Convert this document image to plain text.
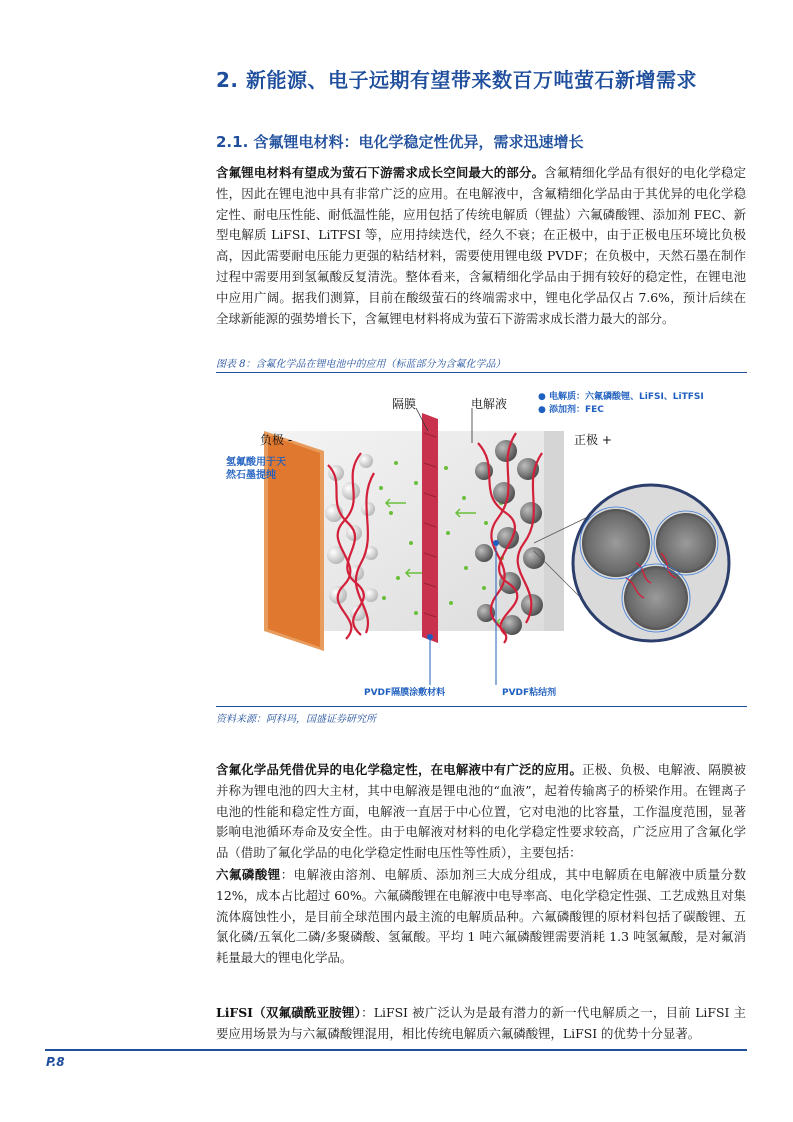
2. 新能源、电子远期有望带来数百万吨萤石新增需求
2.1. 含氟锂电材料：电化学稳定性优异，需求迅速增长
含氟锂电材料有望成为萤石下游需求成长空间最大的部分。含氟精细化学品有很好的电化学稳定性，因此在锂电池中具有非常广泛的应用。在电解液中，含氟精细化学品由于其优异的电化学稳定性、耐电压性能、耐低温性能，应用包括了传统电解质（锂盐）六氟磷酸锂、添加剂 FEC、新型电解质 LiFSI、LiTFSI 等，应用持续迭代，经久不衰；在正极中，由于正极电压环境比负极高，因此需要耐电压能力更强的粘结材料，需要使用锂电级 PVDF；在负极中，天然石墨在制作过程中需要用到氢氟酸反复清洗。整体看来，含氟精细化学品由于拥有较好的稳定性，在锂电池中应用广阔。据我们测算，目前在酸级萤石的终端需求中，锂电化学品仅占 7.6%，预计后续在全球新能源的强势增长下，含氟锂电材料将成为萤石下游需求成长潜力最大的部分。
图表 8：含氟化学品在锂电池中的应用（标蓝部分为含氟化学品）
隔膜	电解液	● 电解质：六氟磷酸锂、LiFSI、LiTFSI
● 添加剂：FEC
负极 -	正极 +
氢氟酸用于天
然石墨提纯
PVDF隔膜涂敷材料	PVDF粘结剂
资料来源：阿科玛，国盛证券研究所
含氟化学品凭借优异的电化学稳定性，在电解液中有广泛的应用。正极、负极、电解液、隔膜被并称为锂电池的四大主材，其中电解液是锂电池的“血液”，起着传输离子的桥梁作用。在锂离子电池的性能和稳定性方面，电解液一直居于中心位置，它对电池的比容量，工作温度范围，显著影响电池循环寿命及安全性。由于电解液对材料的电化学稳定性要求较高，广泛应用了含氟化学品（借助了氟化学品的电化学稳定性耐电压性等性质），主要包括：
六氟磷酸锂：电解液由溶剂、电解质、添加剂三大成分组成，其中电解质在电解液中质量分数 12%，成本占比超过 60%。六氟磷酸锂在电解液中电导率高、电化学稳定性强、工艺成熟且对集流体腐蚀性小，是目前全球范围内最主流的电解质品种。六氟磷酸锂的原材料包括了碳酸锂、五氯化磷/五氧化二磷/多聚磷酸、氢氟酸。平均 1 吨六氟磷酸锂需要消耗 1.3 吨氢氟酸，是对氟消耗量最大的锂电化学品。
LiFSI（双氟磺酰亚胺锂）：LiFSI 被广泛认为是最有潜力的新一代电解质之一，目前 LiFSI 主要应用场景为与六氟磷酸锂混用，相比传统电解质六氟磷酸锂，LiFSI 的优势十分显著。
P.8
